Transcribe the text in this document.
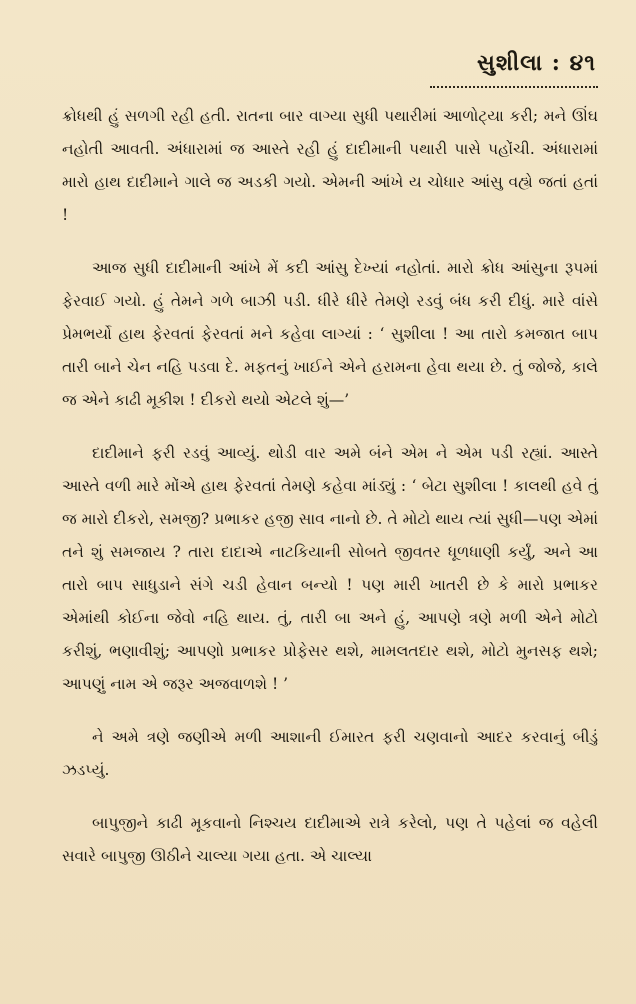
સુશીલા : ૪૧

ક્રોધથી હું સળગી રહી હતી. રાતના બાર વાગ્યા સુધી પથારીમાં આળોટ્યા કરી; મને ઊંઘ નહોતી આવતી. અંધારામાં જ આસ્તે રહી હું દાદીમાની પથારી પાસે પહોંચી. અંધારામાં મારો હાથ દાદીમાને ગાલે જ અડકી ગયો. એમની આંખે ય ચોધાર આંસુ વહ્યે જતાં હતાં !

આજ સુધી દાદીમાની આંખે મેં કદી આંસુ દેખ્યાં નહોતાં. મારો ક્રોધ આંસુના રૂપમાં ફેરવાઈ ગયો. હું તેમને ગળે બાઝી પડી. ધીરે ધીરે તેમણે રડવું બંધ કરી દીધું. મારે વાંસે પ્રેમભર્યો હાથ ફેરવતાં ફેરવતાં મને કહેવા લાગ્યાં : ‘ સુશીલા ! આ તારો કમજાત બાપ તારી બાને ચેન નહિ પડવા દે. મફતનું ખાઈને એને હરામના હેવા થયા છે. તું જોજે, કાલે જ એને કાઢી મૂકીશ ! દીકરો થયો એટલે શું—’

દાદીમાને ફરી રડવું આવ્યું. થોડી વાર અમે બંને એમ ને એમ પડી રહ્યાં. આસ્તે આસ્તે વળી મારે મોંએ હાથ ફેરવતાં તેમણે કહેવા માંડ્યું : ‘ બેટા સુશીલા ! કાલથી હવે તું જ મારો દીકરો, સમજી? પ્રભાકર હજી સાવ નાનો છે. તે મોટો થાય ત્યાં સુધી—પણ એમાં તને શું સમજાય ? તારા દાદાએ નાટકિયાની સોબતે જીવતર ધૂળધાણી કર્યું, અને આ તારો બાપ સાધુડાને સંગે ચડી હેવાન બન્યો ! પણ મારી ખાતરી છે કે મારો પ્રભાકર એમાંથી કોઈના જેવો નહિ થાય. તું, તારી બા અને હું, આપણે ત્રણે મળી એને મોટો કરીશું, ભણાવીશું; આપણો પ્રભાકર પ્રોફેસર થશે, મામલતદાર થશે, મોટો મુનસફ થશે; આપણું નામ એ જરૂર અજવાળશે ! ’

ને અમે ત્રણે જણીએ મળી આશાની ઈમારત ફરી ચણવાનો આદર કરવાનું બીડું ઝડપ્યું.

બાપુજીને કાઢી મૂકવાનો નિશ્ચય દાદીમાએ રાત્રે કરેલો, પણ તે પહેલાં જ વહેલી સવારે બાપુજી ઊઠીને ચાલ્યા ગયા હતા. એ ચાલ્યા
